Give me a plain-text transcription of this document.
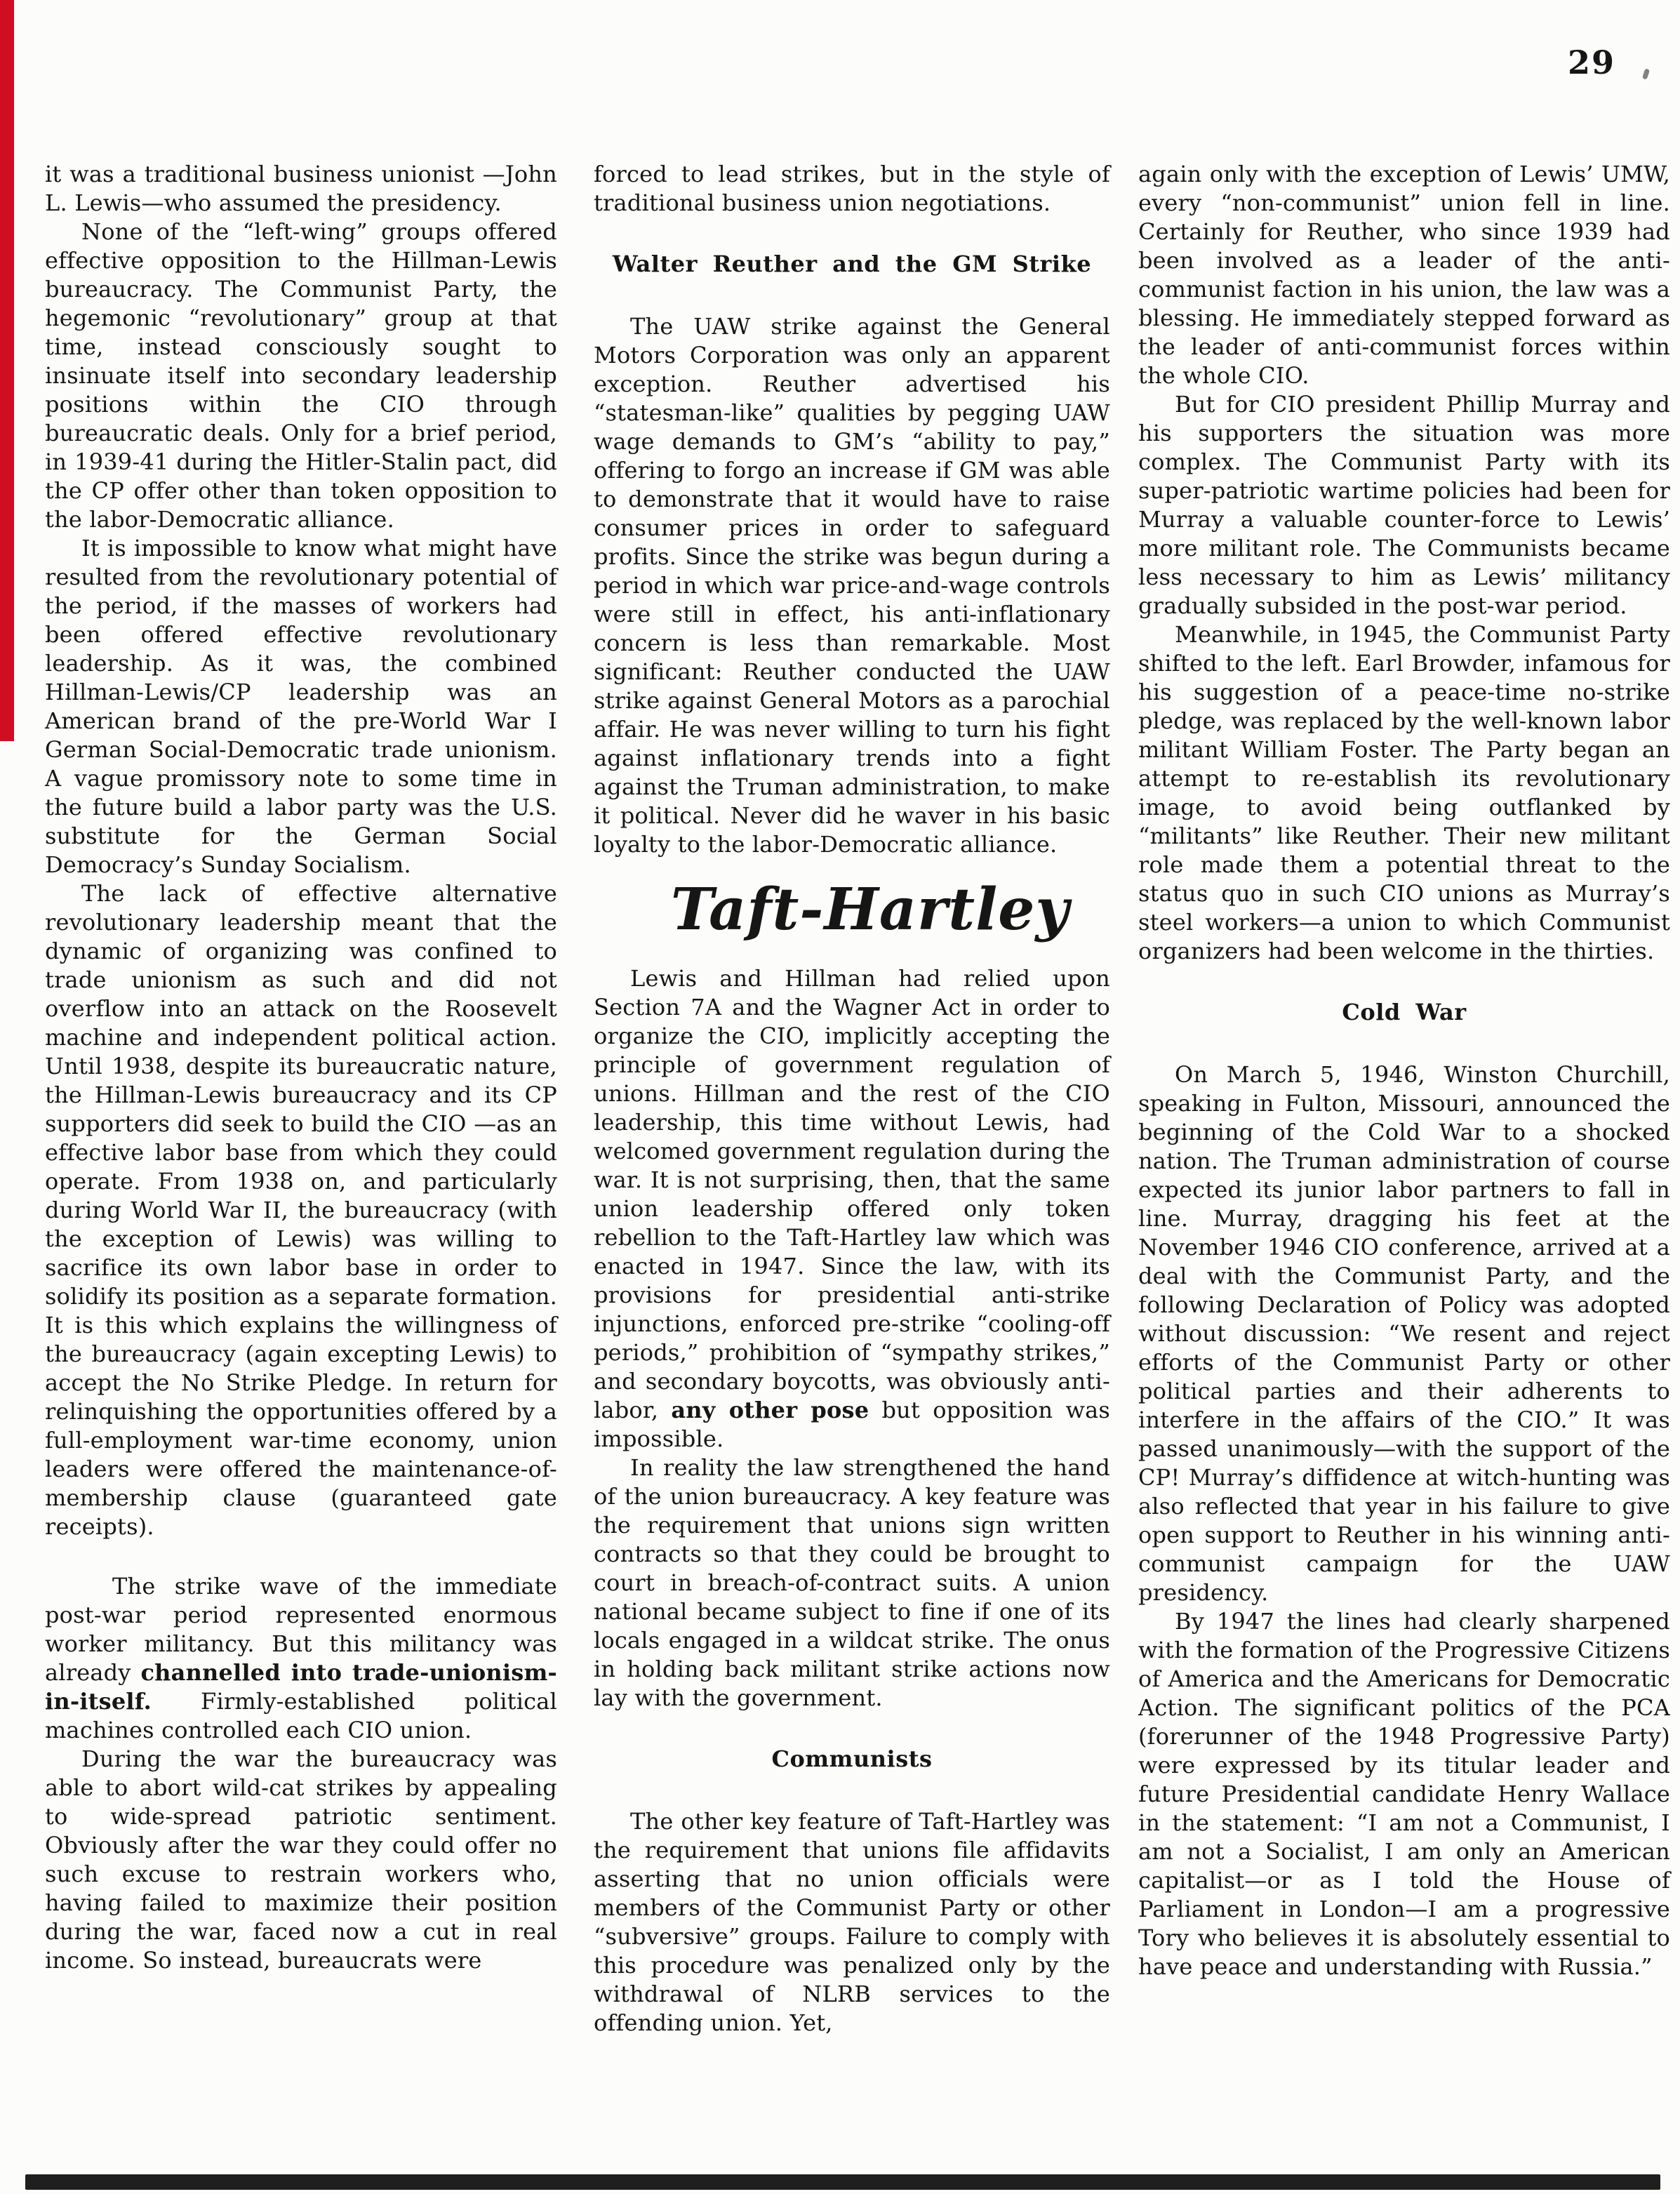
29

it was a traditional business unionist —John L. Lewis—who assumed the presidency.

None of the “left-wing” groups offered effective opposition to the Hillman-Lewis bureaucracy. The Communist Party, the hegemonic “revolutionary” group at that time, instead consciously sought to insinuate itself into secondary leadership positions within the CIO through bureaucratic deals. Only for a brief period, in 1939-41 during the Hitler-Stalin pact, did the CP offer other than token opposition to the labor-Democratic alliance.

It is impossible to know what might have resulted from the revolutionary potential of the period, if the masses of workers had been offered effective revolutionary leadership. As it was, the combined Hillman-Lewis/CP leadership was an American brand of the pre-World War I German Social-Democratic trade unionism. A vague promissory note to some time in the future build a labor party was the U.S. substitute for the German Social Democracy’s Sunday Socialism.

The lack of effective alternative revolutionary leadership meant that the dynamic of organizing was confined to trade unionism as such and did not overflow into an attack on the Roosevelt machine and independent political action. Until 1938, despite its bureaucratic nature, the Hillman-Lewis bureaucracy and its CP supporters did seek to build the CIO —as an effective labor base from which they could operate. From 1938 on, and particularly during World War II, the bureaucracy (with the exception of Lewis) was willing to sacrifice its own labor base in order to solidify its position as a separate formation. It is this which explains the willingness of the bureaucracy (again excepting Lewis) to accept the No Strike Pledge. In return for relinquishing the opportunities offered by a full-employment war-time economy, union leaders were offered the maintenance-of-membership clause (guaranteed gate receipts).

The strike wave of the immediate post-war period represented enormous worker militancy. But this militancy was already channelled into trade-unionism-in-itself. Firmly-established political machines controlled each CIO union.

During the war the bureaucracy was able to abort wild-cat strikes by appealing to wide-spread patriotic sentiment. Obviously after the war they could offer no such excuse to restrain workers who, having failed to maximize their position during the war, faced now a cut in real income. So instead, bureaucrats were

forced to lead strikes, but in the style of traditional business union negotiations.

Walter Reuther and the GM Strike

The UAW strike against the General Motors Corporation was only an apparent exception. Reuther advertised his “statesman-like” qualities by pegging UAW wage demands to GM’s “ability to pay,” offering to forgo an increase if GM was able to demonstrate that it would have to raise consumer prices in order to safeguard profits. Since the strike was begun during a period in which war price-and-wage controls were still in effect, his anti-inflationary concern is less than remarkable. Most significant: Reuther conducted the UAW strike against General Motors as a parochial affair. He was never willing to turn his fight against inflationary trends into a fight against the Truman administration, to make it political. Never did he waver in his basic loyalty to the labor-Democratic alliance.

Taft-Hartley

Lewis and Hillman had relied upon Section 7A and the Wagner Act in order to organize the CIO, implicitly accepting the principle of government regulation of unions. Hillman and the rest of the CIO leadership, this time without Lewis, had welcomed government regulation during the war. It is not surprising, then, that the same union leadership offered only token rebellion to the Taft-Hartley law which was enacted in 1947. Since the law, with its provisions for presidential anti-strike injunctions, enforced pre-strike “cooling-off periods,” prohibition of “sympathy strikes,” and secondary boycotts, was obviously anti-labor, any other pose but opposition was impossible.

In reality the law strengthened the hand of the union bureaucracy. A key feature was the requirement that unions sign written contracts so that they could be brought to court in breach-of-contract suits. A union national became subject to fine if one of its locals engaged in a wildcat strike. The onus in holding back militant strike actions now lay with the government.

Communists

The other key feature of Taft-Hartley was the requirement that unions file affidavits asserting that no union officials were members of the Communist Party or other “subversive” groups. Failure to comply with this procedure was penalized only by the withdrawal of NLRB services to the offending union. Yet,

again only with the exception of Lewis’ UMW, every “non-communist” union fell in line. Certainly for Reuther, who since 1939 had been involved as a leader of the anti-communist faction in his union, the law was a blessing. He immediately stepped forward as the leader of anti-communist forces within the whole CIO.

But for CIO president Phillip Murray and his supporters the situation was more complex. The Communist Party with its super-patriotic wartime policies had been for Murray a valuable counter-force to Lewis’ more militant role. The Communists became less necessary to him as Lewis’ militancy gradually subsided in the post-war period.

Meanwhile, in 1945, the Communist Party shifted to the left. Earl Browder, infamous for his suggestion of a peace-time no-strike pledge, was replaced by the well-known labor militant William Foster. The Party began an attempt to re-establish its revolutionary image, to avoid being outflanked by “militants” like Reuther. Their new militant role made them a potential threat to the status quo in such CIO unions as Murray’s steel workers—a union to which Communist organizers had been welcome in the thirties.

Cold War

On March 5, 1946, Winston Churchill, speaking in Fulton, Missouri, announced the beginning of the Cold War to a shocked nation. The Truman administration of course expected its junior labor partners to fall in line. Murray, dragging his feet at the November 1946 CIO conference, arrived at a deal with the Communist Party, and the following Declaration of Policy was adopted without discussion: “We resent and reject efforts of the Communist Party or other political parties and their adherents to interfere in the affairs of the CIO.” It was passed unanimously—with the support of the CP! Murray’s diffidence at witch-hunting was also reflected that year in his failure to give open support to Reuther in his winning anti-communist campaign for the UAW presidency.

By 1947 the lines had clearly sharpened with the formation of the Progressive Citizens of America and the Americans for Democratic Action. The significant politics of the PCA (forerunner of the 1948 Progressive Party) were expressed by its titular leader and future Presidential candidate Henry Wallace in the statement: “I am not a Communist, I am not a Socialist, I am only an American capitalist—or as I told the House of Parliament in London—I am a progressive Tory who believes it is absolutely essential to have peace and understanding with Russia.”
